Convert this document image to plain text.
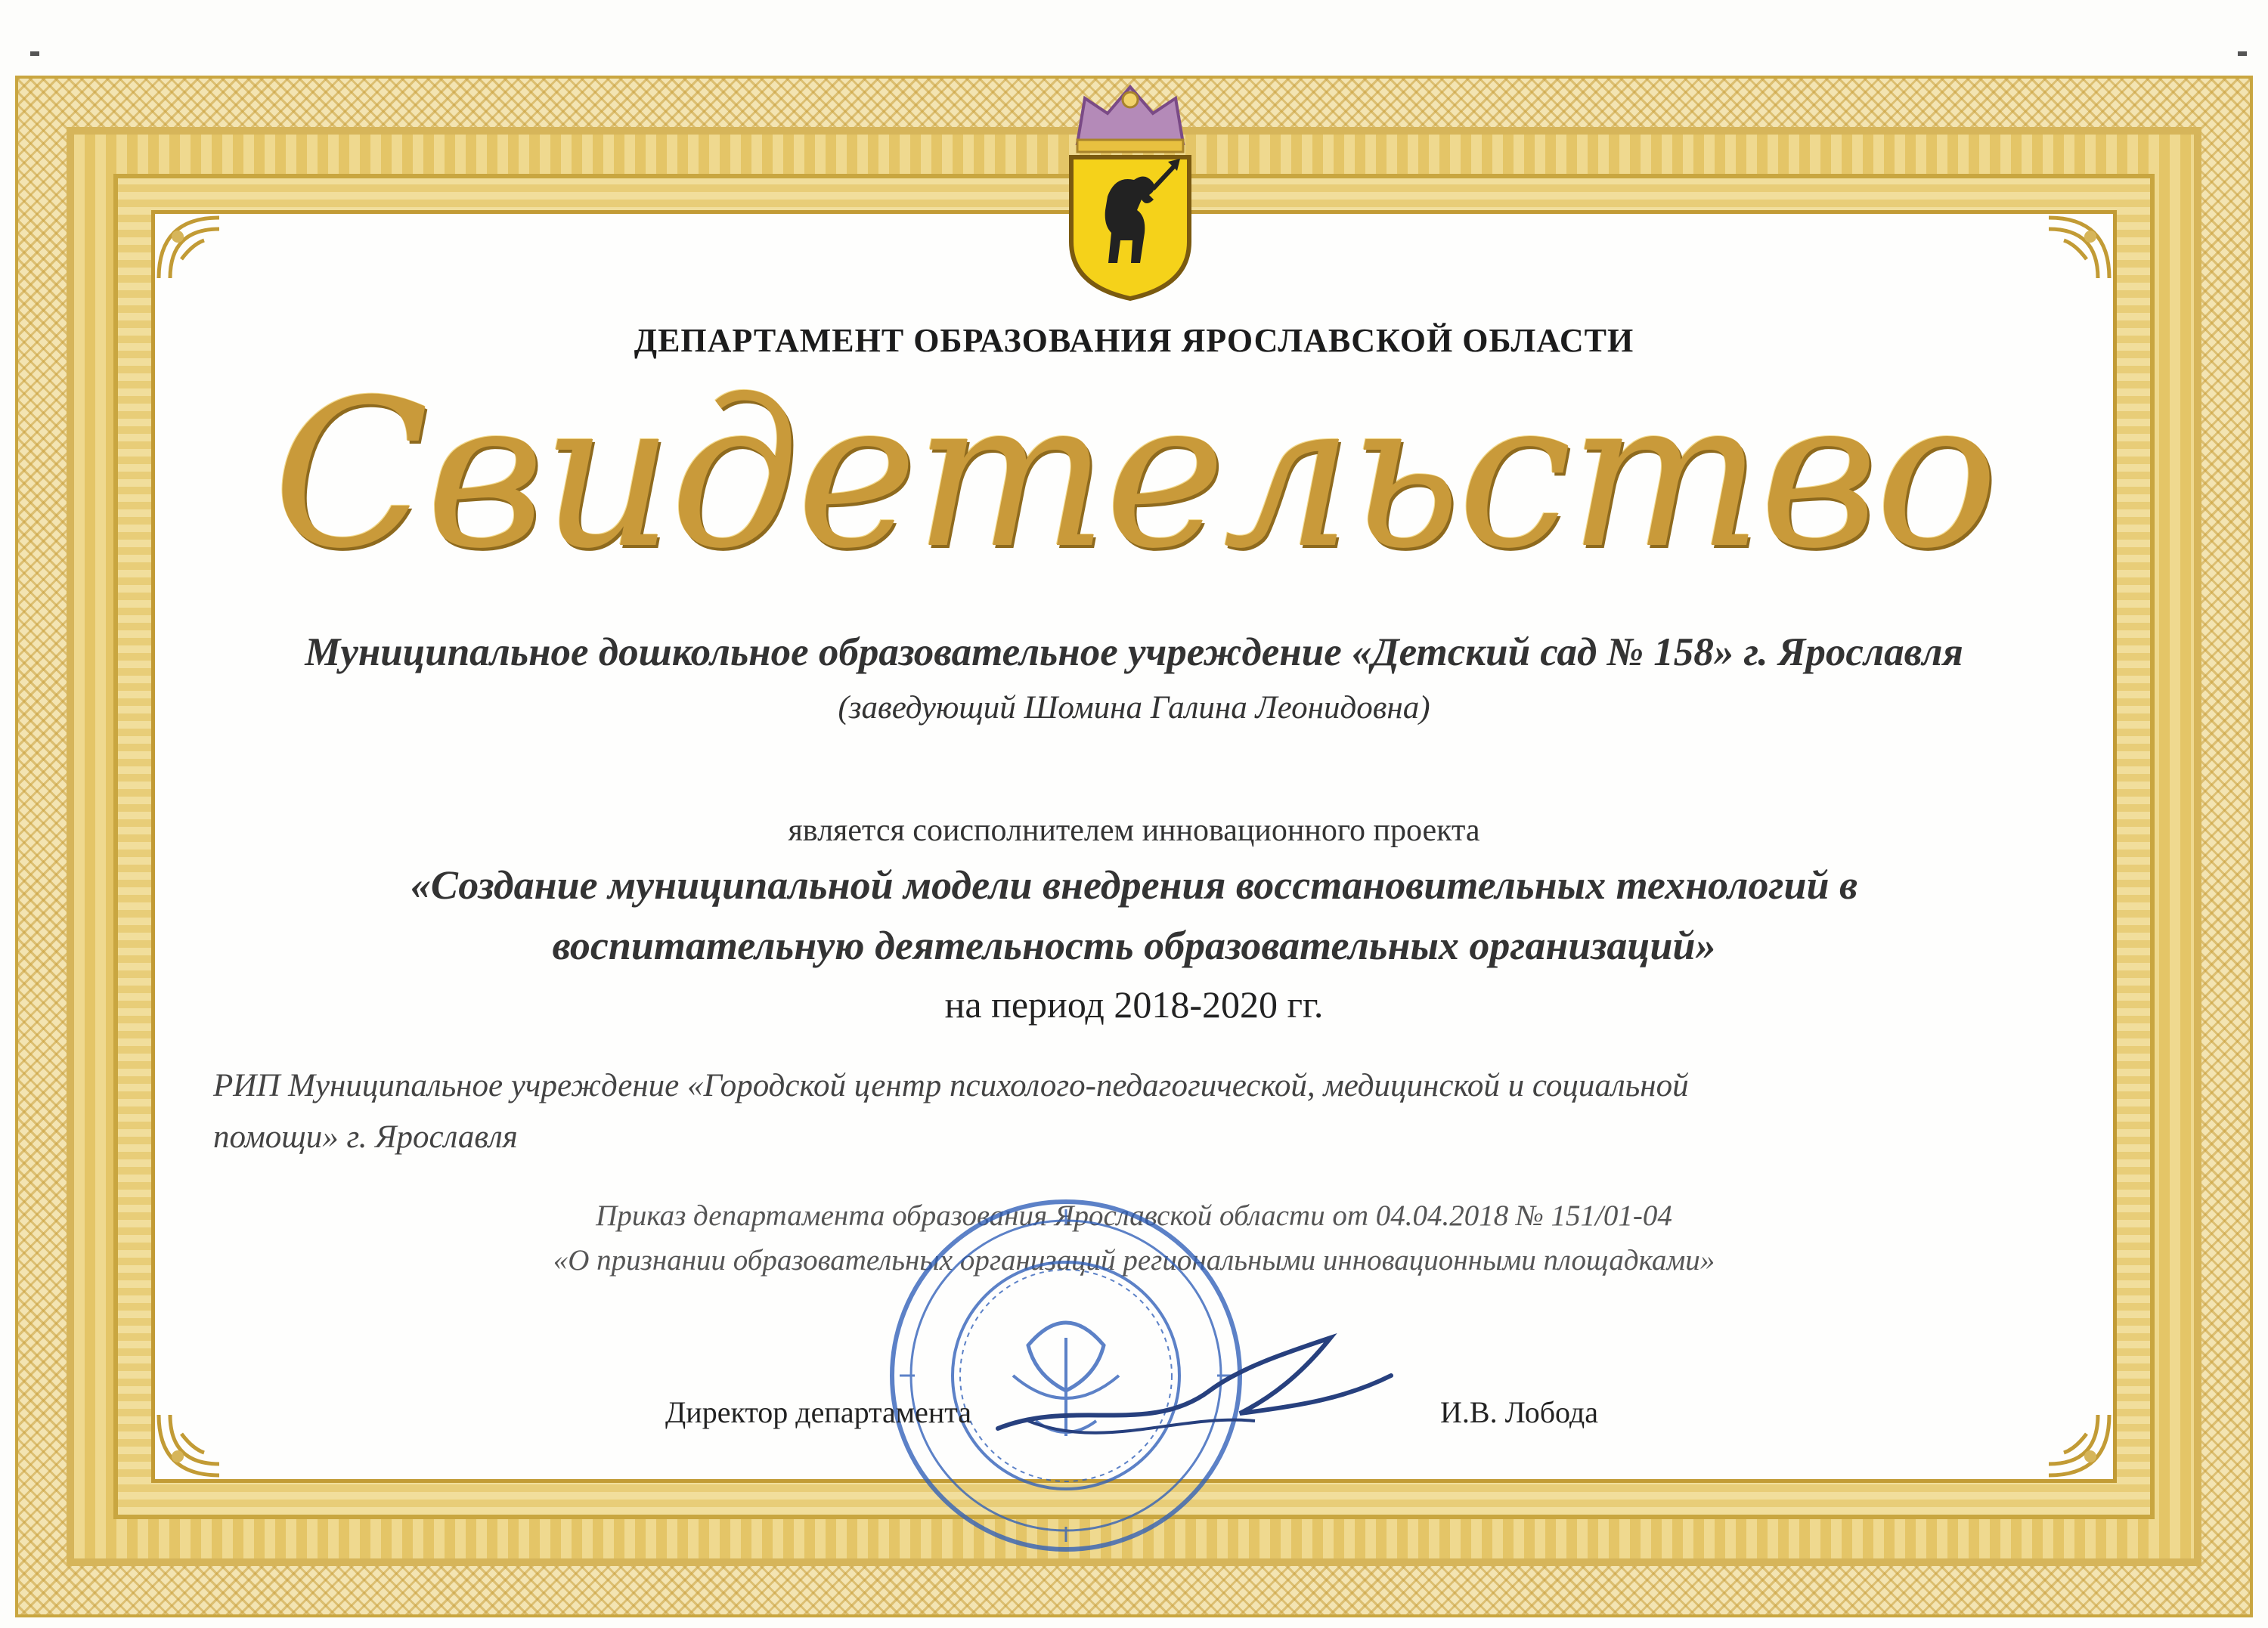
ДЕПАРТАМЕНТ ОБРАЗОВАНИЯ ЯРОСЛАВСКОЙ ОБЛАСТИ
Свидетельство
Муниципальное дошкольное образовательное учреждение «Детский сад № 158» г. Ярославля
(заведующий Шомина Галина Леонидовна)
является соисполнителем инновационного проекта
«Создание муниципальной модели внедрения восстановительных технологий в
воспитательную деятельность образовательных организаций»
на период 2018-2020 гг.
РИП Муниципальное учреждение «Городской центр психолого-педагогической, медицинской и социальной
помощи» г. Ярославля
Приказ департамента образования Ярославской области от 04.04.2018 № 151/01-04
«О признании образовательных организаций региональными инновационными площадками»
Директор департамента	И.В. Лобода
